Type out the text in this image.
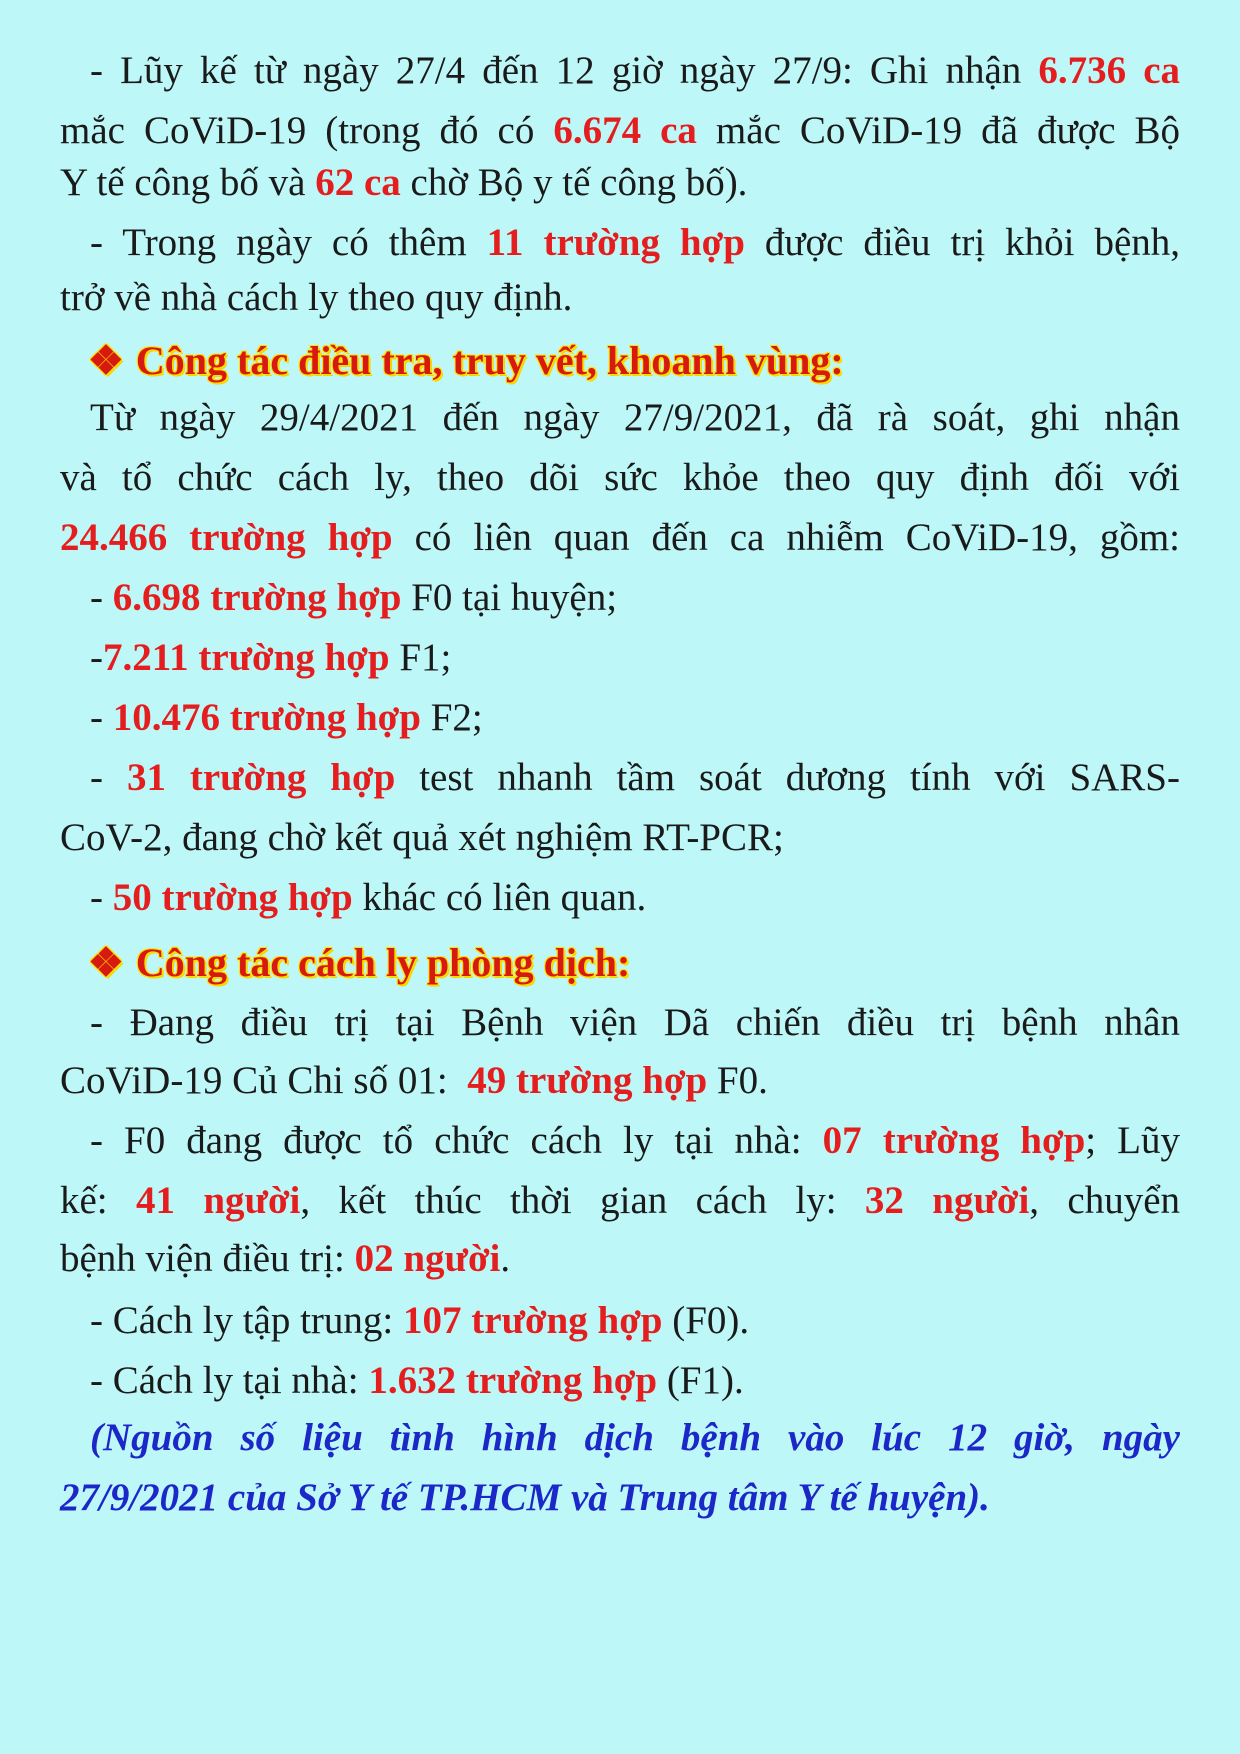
- Lũy kế từ ngày 27/4 đến 12 giờ ngày 27/9: Ghi nhận 6.736 ca
mắc CoViD-19 (trong đó có 6.674 ca mắc CoViD-19 đã được Bộ
Y tế công bố và 62 ca chờ Bộ y tế công bố).
- Trong ngày có thêm 11 trường hợp được điều trị khỏi bệnh,
trở về nhà cách ly theo quy định.
❖ Công tác điều tra, truy vết, khoanh vùng:
Từ ngày 29/4/2021 đến ngày 27/9/2021, đã rà soát, ghi nhận
và tổ chức cách ly, theo dõi sức khỏe theo quy định đối với
24.466 trường hợp có liên quan đến ca nhiễm CoViD-19, gồm:
- 6.698 trường hợp F0 tại huyện;
-7.211 trường hợp F1;
- 10.476 trường hợp F2;
- 31 trường hợp test nhanh tầm soát dương tính với SARS-
CoV-2, đang chờ kết quả xét nghiệm RT-PCR;
- 50 trường hợp khác có liên quan.
❖ Công tác cách ly phòng dịch:
- Đang điều trị tại Bệnh viện Dã chiến điều trị bệnh nhân
CoViD-19 Củ Chi số 01: 49 trường hợp F0.
- F0 đang được tổ chức cách ly tại nhà: 07 trường hợp; Lũy
kế: 41 người, kết thúc thời gian cách ly: 32 người, chuyển
bệnh viện điều trị: 02 người.
- Cách ly tập trung: 107 trường hợp (F0).
- Cách ly tại nhà: 1.632 trường hợp (F1).
(Nguồn số liệu tình hình dịch bệnh vào lúc 12 giờ, ngày
27/9/2021 của Sở Y tế TP.HCM và Trung tâm Y tế huyện).
